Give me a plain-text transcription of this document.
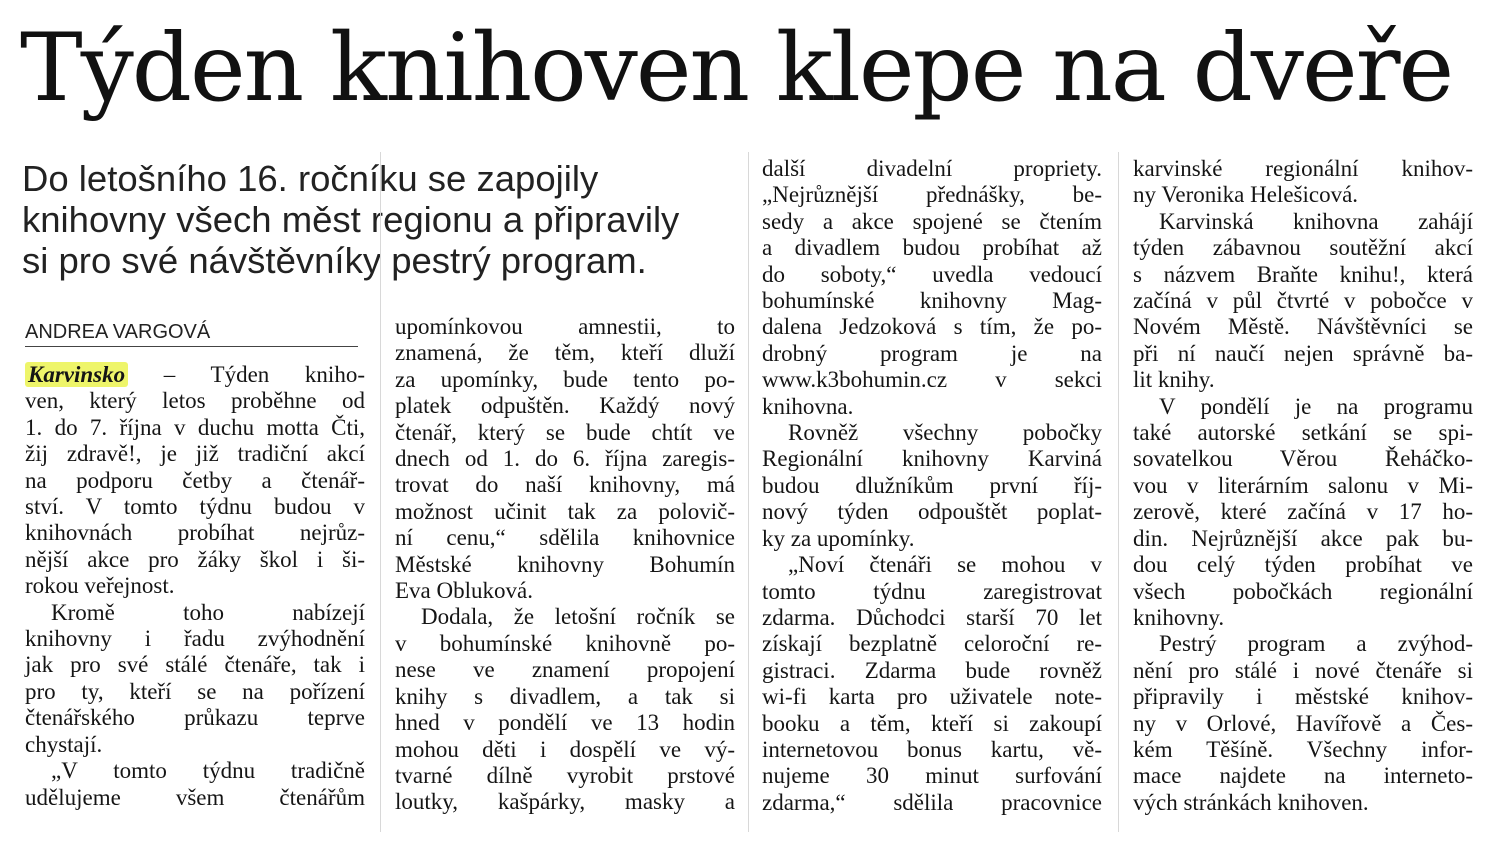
Týden knihoven klepe na dveře

Do letošního 16. ročníku se zapojily

knihovny všech měst regionu a připravily

si pro své návštěvníky pestrý program.

ANDREA VARGOVÁ

Karvinsko – Týden kniho-

ven, který letos proběhne od

1. do 7. října v duchu motta Čti,

žij zdravě!, je již tradiční akcí

na podporu četby a čtenář-

ství. V tomto týdnu budou v

knihovnách probíhat nejrůz-

nější akce pro žáky škol i ši-

rokou veřejnost.

Kromě toho nabízejí

knihovny i řadu zvýhodnění

jak pro své stálé čtenáře, tak i

pro ty, kteří se na pořízení

čtenářského průkazu teprve

chystají.

„V tomto týdnu tradičně

udělujeme všem čtenářům

upomínkovou amnestii, to

znamená, že těm, kteří dluží

za upomínky, bude tento po-

platek odpuštěn. Každý nový

čtenář, který se bude chtít ve

dnech od 1. do 6. října zaregis-

trovat do naší knihovny, má

možnost učinit tak za polovič-

ní cenu,“ sdělila knihovnice

Městské knihovny Bohumín

Eva Obluková.

Dodala, že letošní ročník se

v bohumínské knihovně po-

nese ve znamení propojení

knihy s divadlem, a tak si

hned v pondělí ve 13 hodin

mohou děti i dospělí ve vý-

tvarné dílně vyrobit prstové

loutky, kašpárky, masky a

další divadelní propriety.

„Nejrůznější přednášky, be-

sedy a akce spojené se čtením

a divadlem budou probíhat až

do soboty,“ uvedla vedoucí

bohumínské knihovny Mag-

dalena Jedzoková s tím, že po-

drobný program je na

www.k3bohumin.cz v sekci

knihovna.

Rovněž všechny pobočky

Regionální knihovny Karviná

budou dlužníkům první říj-

nový týden odpouštět poplat-

ky za upomínky.

„Noví čtenáři se mohou v

tomto týdnu zaregistrovat

zdarma. Důchodci starší 70 let

získají bezplatně celoroční re-

gistraci. Zdarma bude rovněž

wi-fi karta pro uživatele note-

booku a těm, kteří si zakoupí

internetovou bonus kartu, vě-

nujeme 30 minut surfování

zdarma,“ sdělila pracovnice

karvinské regionální knihov-

ny Veronika Helešicová.

Karvinská knihovna zahájí

týden zábavnou soutěžní akcí

s názvem Braňte knihu!, která

začíná v půl čtvrté v pobočce v

Novém Městě. Návštěvníci se

při ní naučí nejen správně ba-

lit knihy.

V pondělí je na programu

také autorské setkání se spi-

sovatelkou Věrou Řeháčko-

vou v literárním salonu v Mi-

zerově, které začíná v 17 ho-

din. Nejrůznější akce pak bu-

dou celý týden probíhat ve

všech pobočkách regionální

knihovny.

Pestrý program a zvýhod-

nění pro stálé i nové čtenáře si

připravily i městské knihov-

ny v Orlové, Havířově a Čes-

kém Těšíně. Všechny infor-

mace najdete na interneto-

vých stránkách knihoven.
